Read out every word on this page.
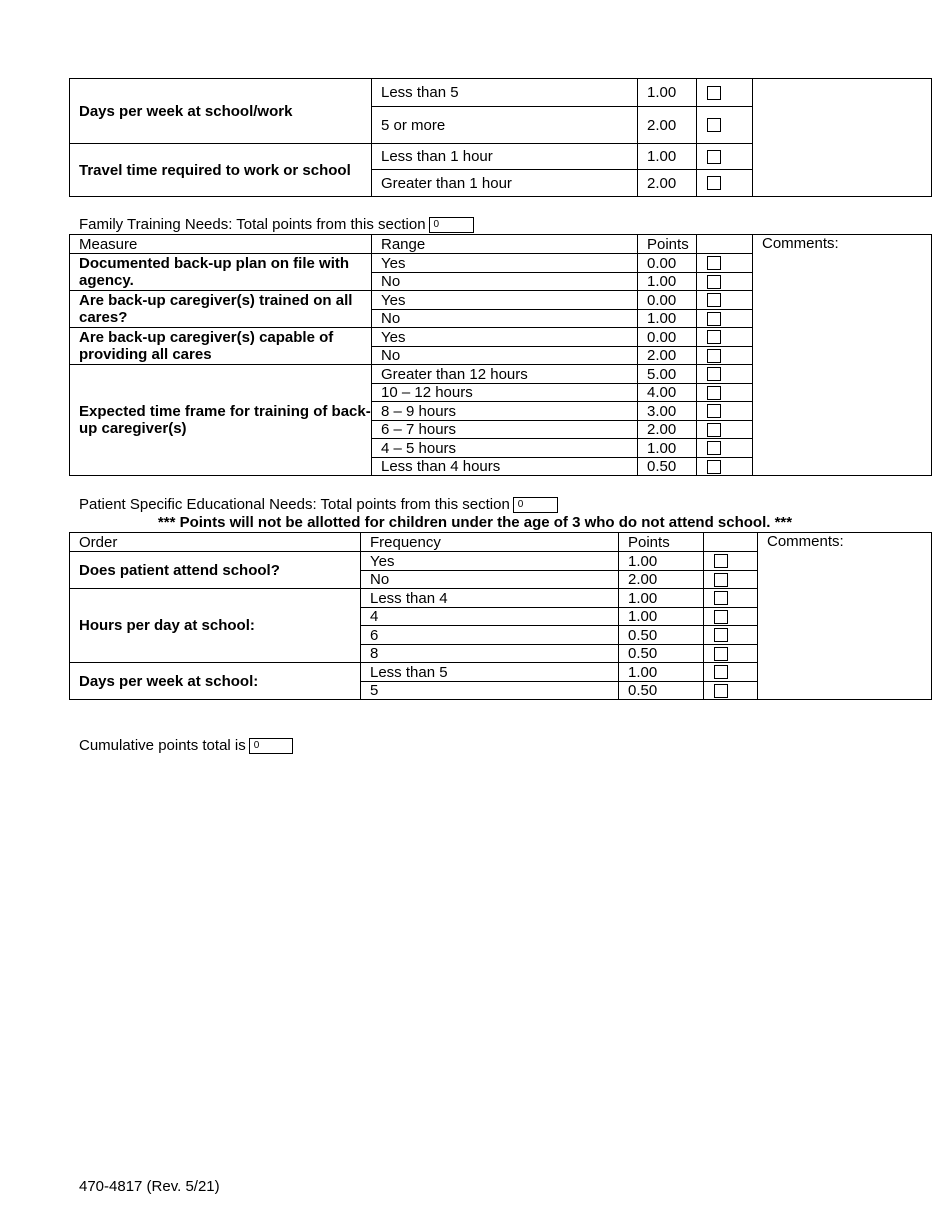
Days per week at school/work	Less than 5	1.00	

	5 or more	2.00		

Travel time required to work or school	Less than 1 hour	1.00		

	Greater than 1 hour	2.00		
Family Training Needs: Total points from this section 0
Measure	Range	Points		Comments:
Documented back-up plan on file with agency.	Yes	0.00		

	No	1.00		

Are back-up caregiver(s) trained on all cares?	Yes	0.00		

	No	1.00		

Are back-up caregiver(s) capable of providing all cares	Yes	0.00		

	No	2.00		

Expected time frame for training of back-up caregiver(s)	Greater than 12 hours	5.00		

	10 – 12 hours	4.00		

	8 – 9 hours	3.00		

	6 – 7 hours	2.00		

	4 – 5 hours	1.00		

	Less than 4 hours	0.50		
Patient Specific Educational Needs: Total points from this section 0
*** Points will not be allotted for children under the age of 3 who do not attend school. ***
Order	Frequency	Points		Comments:
Does patient attend school?	Yes	1.00		

	No	2.00		

Hours per day at school:	Less than 4	1.00		

	4	1.00		

	6	0.50		

	8	0.50		

Days per week at school:	Less than 5	1.00		

	5	0.50		
Cumulative points total is 0
470-4817 (Rev. 5/21)
